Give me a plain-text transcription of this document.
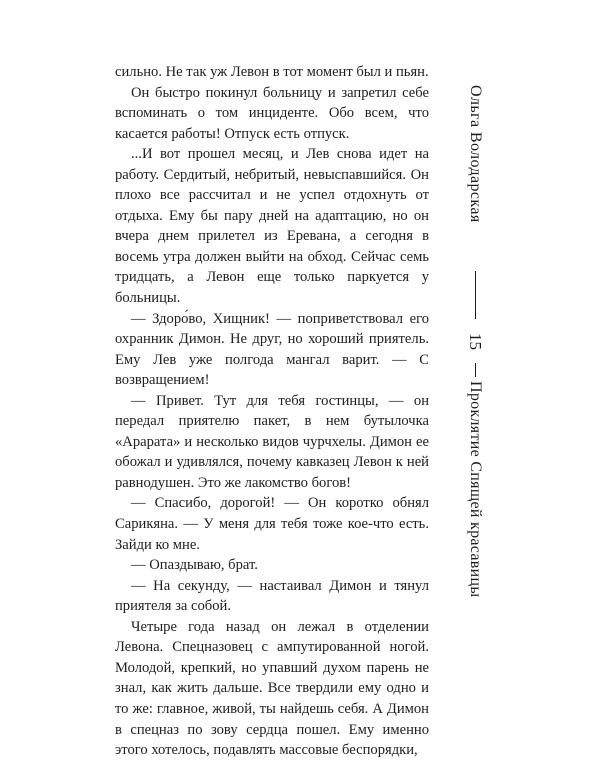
сильно. Не так уж Левон в тот момент был и пьян.

Он быстро покинул больницу и запретил себе вспоминать о том инциденте. Обо всем, что касается работы! Отпуск есть отпуск.

...И вот прошел месяц, и Лев снова идет на работу. Сердитый, небритый, невыспавшийся. Он плохо все рассчитал и не успел отдохнуть от отдыха. Ему бы пару дней на адаптацию, но он вчера днем прилетел из Еревана, а сегодня в восемь утра должен выйти на обход. Сейчас семь тридцать, а Левон еще только паркуется у больницы.

— Здоро́во, Хищник! — поприветствовал его охранник Димон. Не друг, но хороший приятель. Ему Лев уже полгода мангал варит. — С возвращением!

— Привет. Тут для тебя гостинцы, — он передал приятелю пакет, в нем бутылочка «Арарата» и несколько видов чурчхелы. Димон ее обожал и удивлялся, почему кавказец Левон к ней равнодушен. Это же лакомство богов!

— Спасибо, дорогой! — Он коротко обнял Сарикяна. — У меня для тебя тоже кое-что есть. Зайди ко мне.

— Опаздываю, брат.

— На секунду, — настаивал Димон и тянул приятеля за собой.

Четыре года назад он лежал в отделении Левона. Спецназовец с ампутированной ногой. Молодой, крепкий, но упавший духом парень не знал, как жить дальше. Все твердили ему одно и то же: главное, живой, ты найдешь себя. А Димон в спецназ по зову сердца пошел. Ему именно этого хотелось, подавлять массовые беспорядки,

Ольга Володарская
15
Проклятие Спящей красавицы
